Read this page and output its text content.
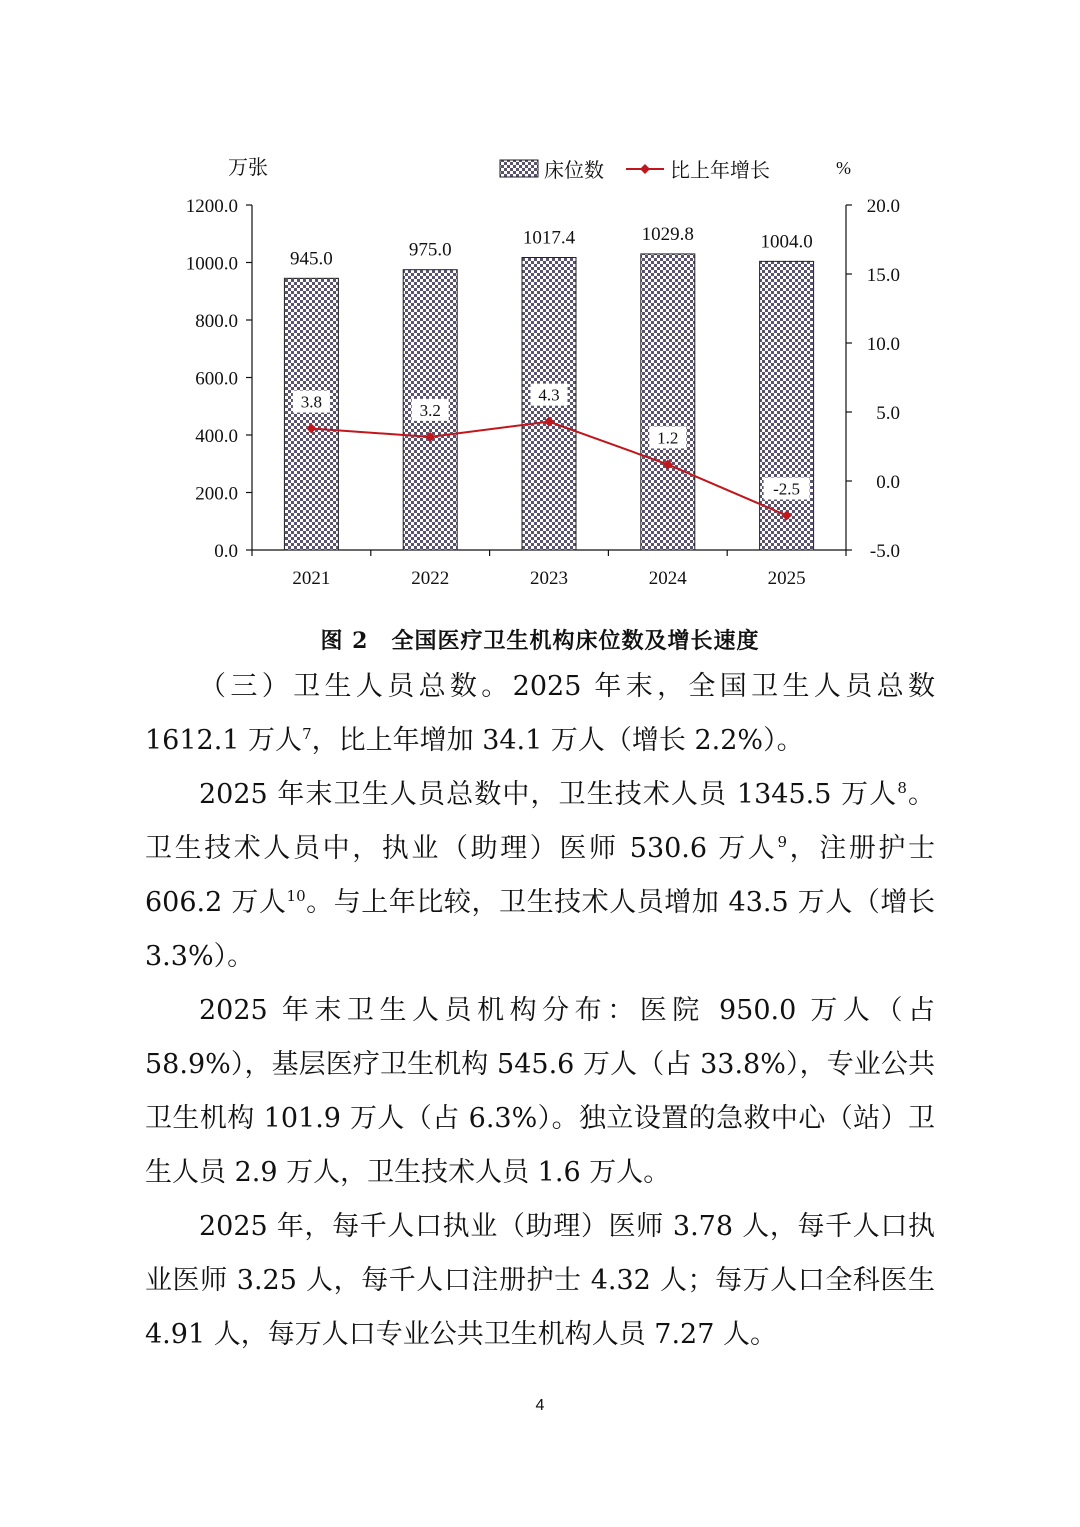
0.0
200.0
400.0
600.0
800.0
1000.0
1200.0
-5.0
0.0
5.0
10.0
15.0
20.0
2021	2022	2023	2024	2025
万张	%
945.0	975.0
1017.4	1029.8	1004.0
3.8	3.2
4.3
1.2
-2.5
床位数	比上年增长
图 2　全国医疗卫生机构床位数及增长速度

（三）卫生人员总数。2025 年末，全国卫生人员总数 1612.1 万人$^7$，比上年增加 34.1 万人（增长 2.2%）。

2025 年末卫生人员总数中，卫生技术人员 1345.5 万人$^8$。卫生技术人员中，执业（助理）医师 530.6 万人$^9$，注册护士 606.2 万人$^{10}$。与上年比较，卫生技术人员增加 43.5 万人（增长 3.3%）。

2025 年末卫生人员机构分布：医院 950.0 万人（占 58.9%），基层医疗卫生机构 545.6 万人（占 33.8%），专业公共卫生机构 101.9 万人（占 6.3%）。独立设置的急救中心（站）卫生人员 2.9 万人，卫生技术人员 1.6 万人。

2025 年，每千人口执业（助理）医师 3.78 人，每千人口执业医师 3.25 人，每千人口注册护士 4.32 人；每万人口全科医生 4.91 人，每万人口专业公共卫生机构人员 7.27 人。

4
